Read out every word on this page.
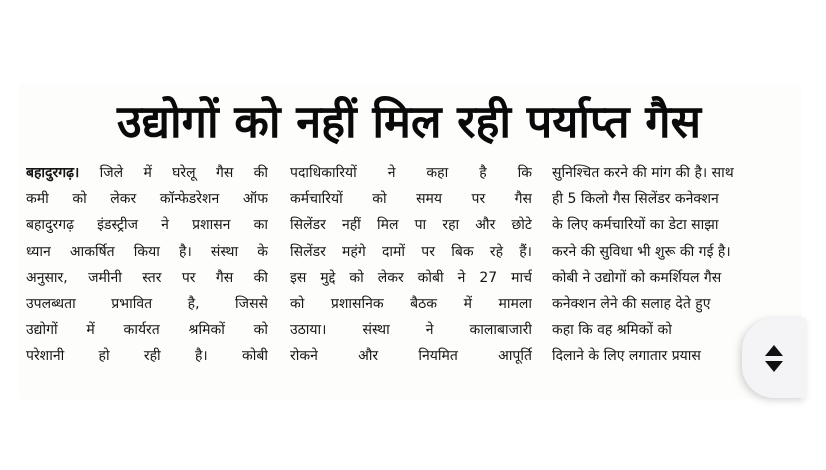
उद्योगों को नहीं मिल रही पर्याप्त गैस
बहादुरगढ़। जिले में घरेलू गैस की
कमी को लेकर कॉन्फेडरेशन ऑफ
बहादुरगढ़ इंडस्ट्रीज ने प्रशासन का
ध्यान आकर्षित किया है। संस्था के
अनुसार, जमीनी स्तर पर गैस की
उपलब्धता प्रभावित है, जिससे
उद्योगों में कार्यरत श्रमिकों को
परेशानी हो रही है। कोबी
पदाधिकारियों ने कहा है कि
कर्मचारियों को समय पर गैस
सिलेंडर नहीं मिल पा रहा और छोटे
सिलेंडर महंगे दामों पर बिक रहे हैं।
इस मुद्दे को लेकर कोबी ने 27 मार्च
को प्रशासनिक बैठक में मामला
उठाया। संस्था ने कालाबाजारी
रोकने और नियमित आपूर्ति
सुनिश्चित करने की मांग की है। साथ
ही 5 किलो गैस सिलेंडर कनेक्शन
के लिए कर्मचारियों का डेटा साझा
करने की सुविधा भी शुरू की गई है।
कोबी ने उद्योगों को कमर्शियल गैस
कनेक्शन लेने की सलाह देते हुए
कहा कि वह श्रमिकों को
दिलाने के लिए लगातार प्रयास
